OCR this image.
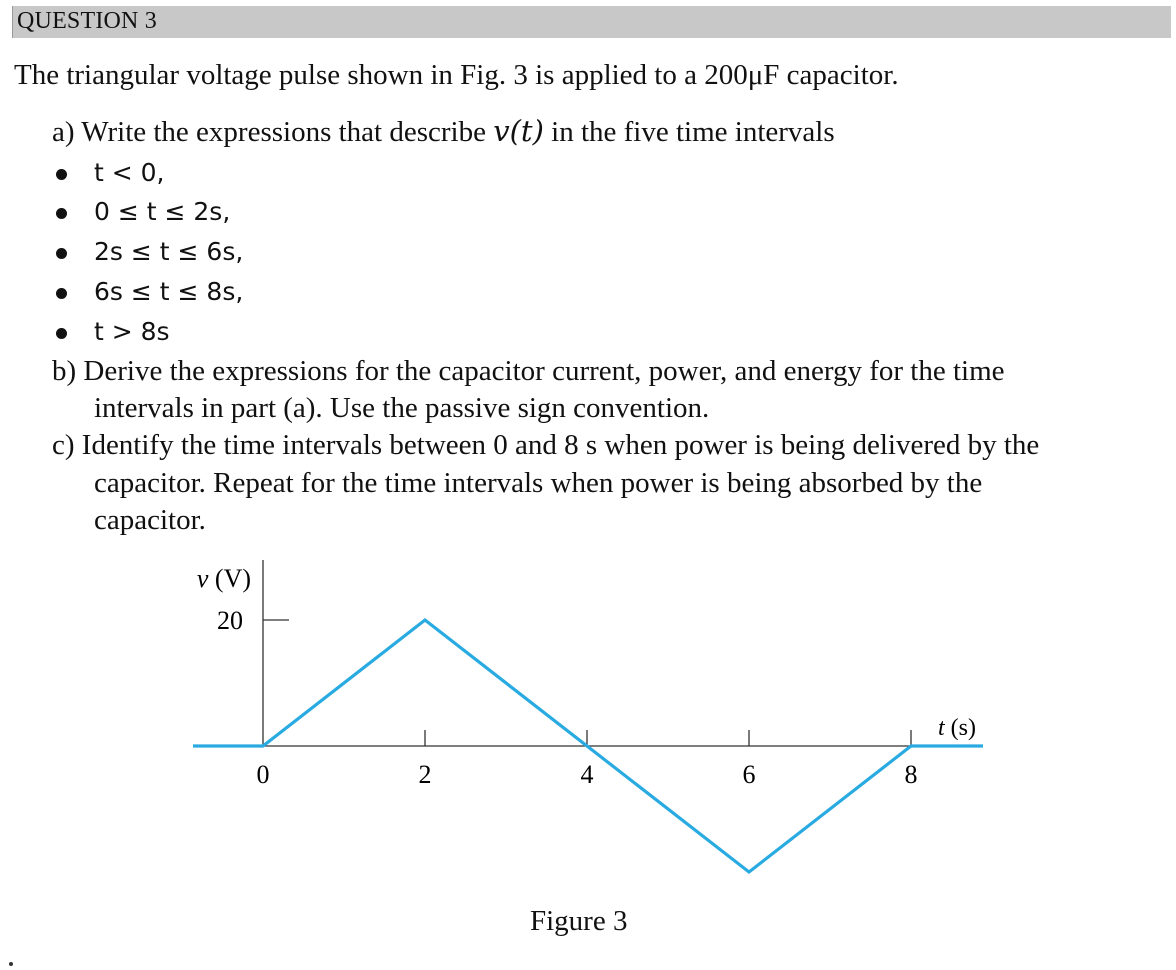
QUESTION 3
The triangular voltage pulse shown in Fig. 3 is applied to a 200μF capacitor.
a) Write the expressions that describe v(t) in the five time intervals
t < 0,
0 ≤ t ≤ 2s,
2s ≤ t ≤ 6s,
6s ≤ t ≤ 8s,
t > 8s
b) Derive the expressions for the capacitor current, power, and energy for the time
intervals in part (a). Use the passive sign convention.
c) Identify the time intervals between 0 and 8 s when power is being delivered by the
capacitor. Repeat for the time intervals when power is being absorbed by the
capacitor.
v (V)
20
t (s)
0	2	4	6	8
Figure 3
